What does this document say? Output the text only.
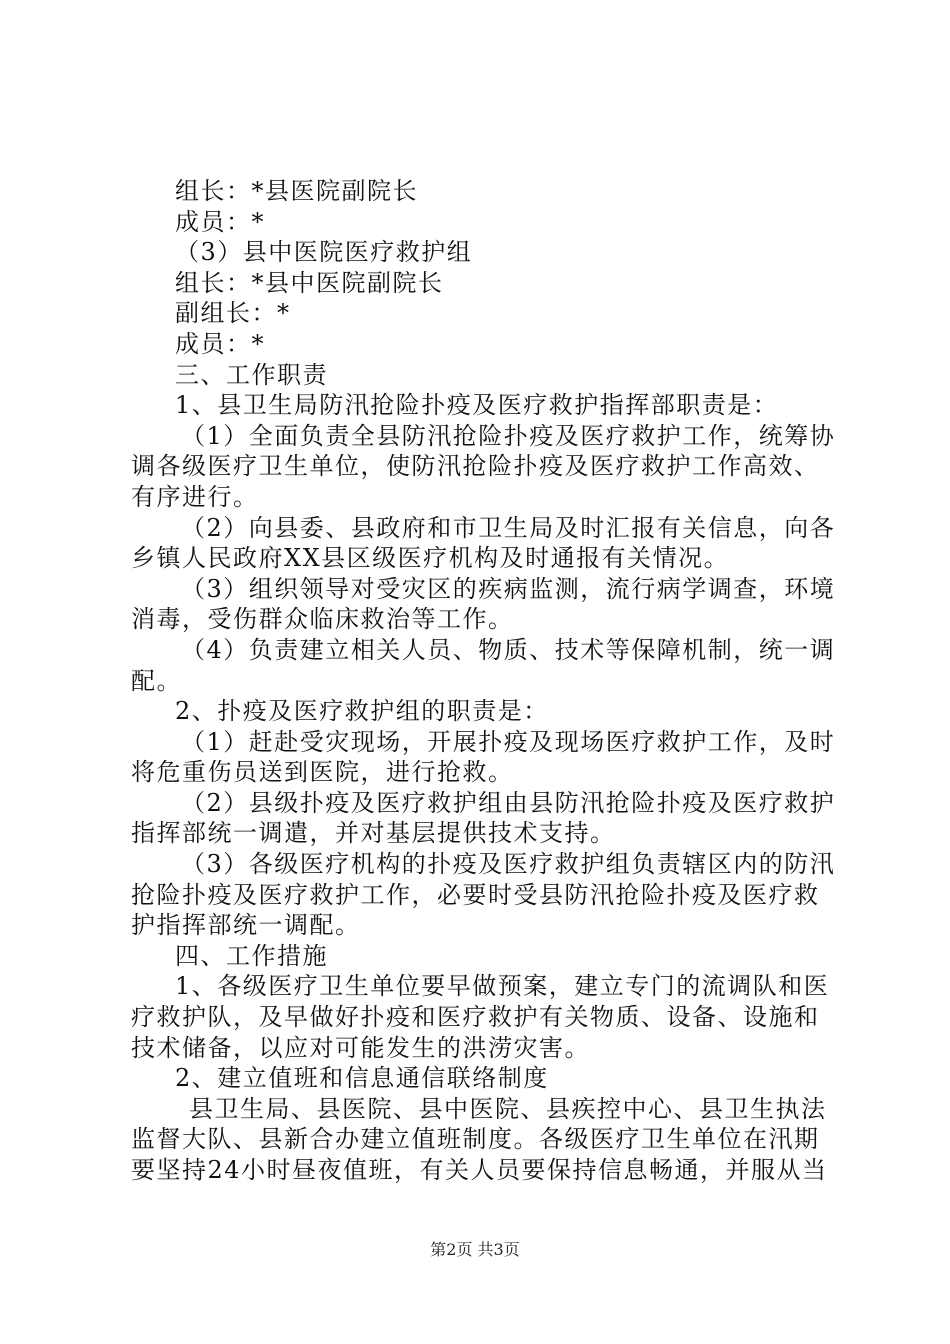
组长：*县医院副院长
成员：*
（3）县中医院医疗救护组
组长：*县中医院副院长
副组长：*
成员：*
三、工作职责
1、县卫生局防汛抢险扑疫及医疗救护指挥部职责是：
（1）全面负责全县防汛抢险扑疫及医疗救护工作，统筹协
调各级医疗卫生单位，使防汛抢险扑疫及医疗救护工作高效、
有序进行。
（2）向县委、县政府和市卫生局及时汇报有关信息，向各
乡镇人民政府XX县区级医疗机构及时通报有关情况。
（3）组织领导对受灾区的疾病监测，流行病学调查，环境
消毒，受伤群众临床救治等工作。
（4）负责建立相关人员、物质、技术等保障机制，统一调
配。
2、扑疫及医疗救护组的职责是：
（1）赶赴受灾现场，开展扑疫及现场医疗救护工作，及时
将危重伤员送到医院，进行抢救。
（2）县级扑疫及医疗救护组由县防汛抢险扑疫及医疗救护
指挥部统一调遣，并对基层提供技术支持。
（3）各级医疗机构的扑疫及医疗救护组负责辖区内的防汛
抢险扑疫及医疗救护工作，必要时受县防汛抢险扑疫及医疗救
护指挥部统一调配。
四、工作措施
1、各级医疗卫生单位要早做预案，建立专门的流调队和医
疗救护队，及早做好扑疫和医疗救护有关物质、设备、设施和
技术储备，以应对可能发生的洪涝灾害。
2、建立值班和信息通信联络制度
县卫生局、县医院、县中医院、县疾控中心、县卫生执法
监督大队、县新合办建立值班制度。各级医疗卫生单位在汛期
要坚持24小时昼夜值班，有关人员要保持信息畅通，并服从当
第2页 共3页
